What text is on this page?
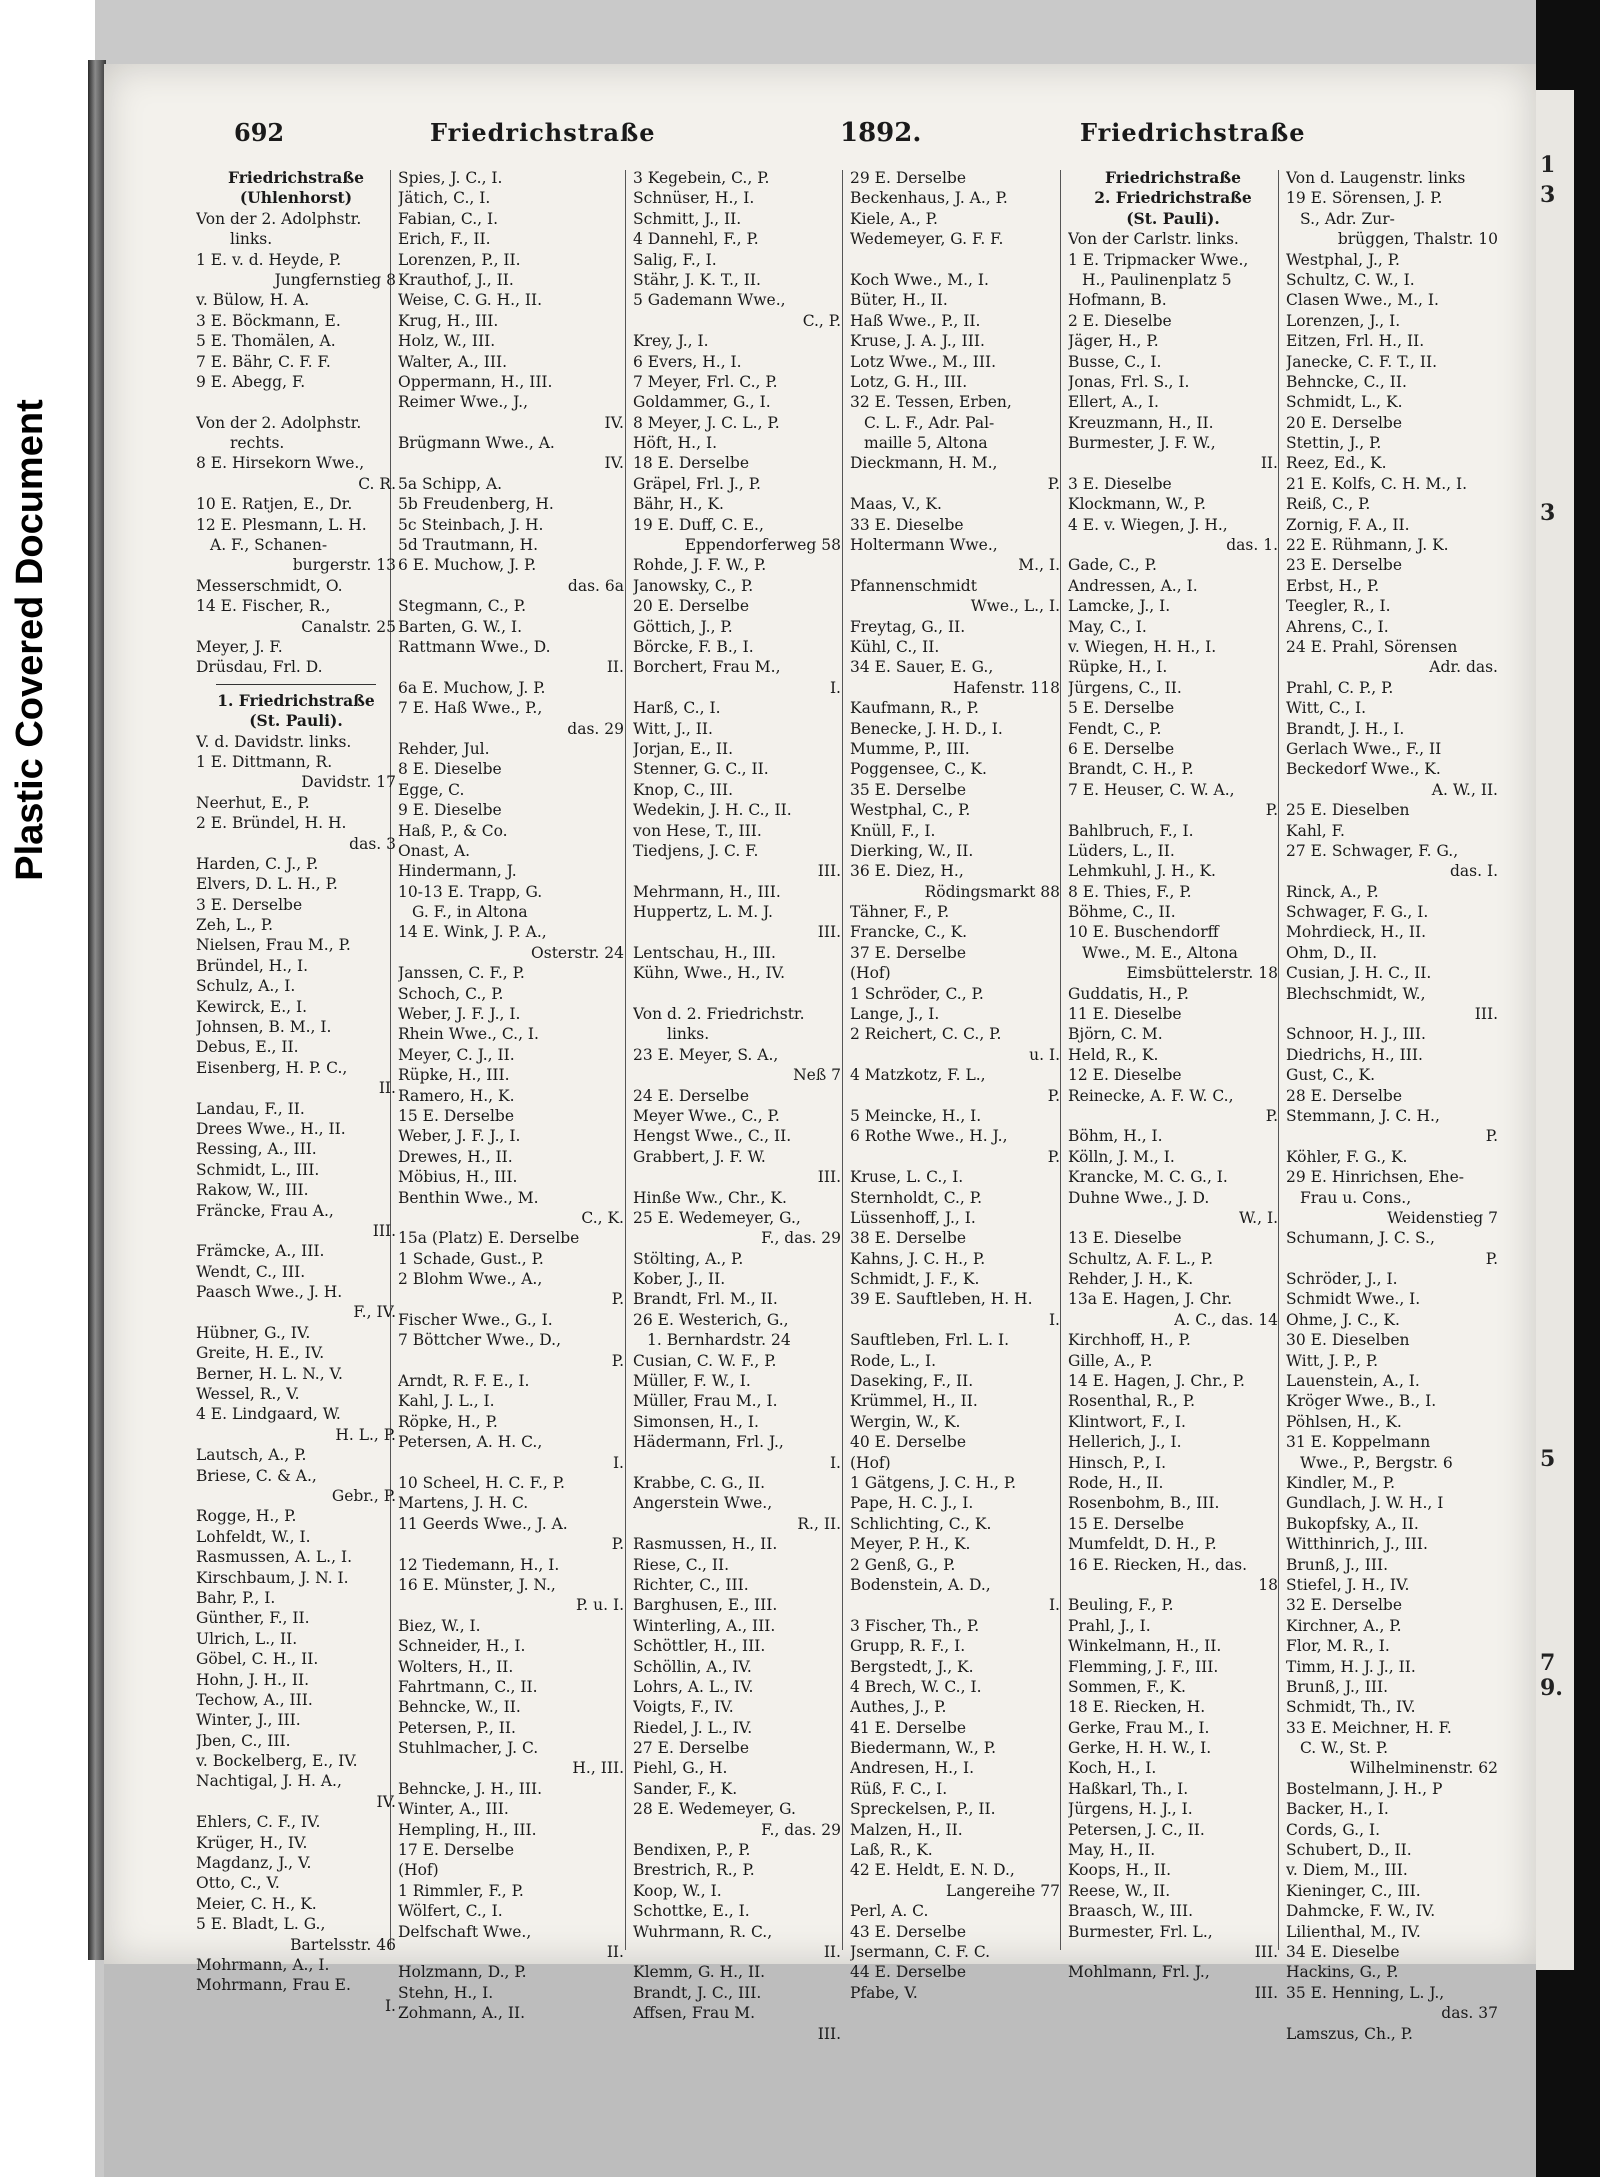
Plastic Covered Document
1
3
3
5
7
9.
692	Friedrichstraße	1892.	Friedrichstraße
Friedrichstraße
(Uhlenhorst)
Von der 2. Adolphstr.
links.
1 E. v. d. Heyde, P.
Jungfernstieg 8
v. Bülow, H. A.
3 E. Böckmann, E.
5 E. Thomälen, A.
7 E. Bähr, C. F. F.
9 E. Abegg, F.
Von der 2. Adolphstr.
rechts.
8 E. Hirsekorn Wwe.,
C. R.
10 E. Ratjen, E., Dr.
12 E. Plesmann, L. H.
A. F., Schanen-
burgerstr. 13
Messerschmidt, O.
14 E. Fischer, R.,
Canalstr. 25
Meyer, J. F.
Drüsdau, Frl. D.
1. Friedrichstraße
(St. Pauli).
V. d. Davidstr. links.
1 E. Dittmann, R.
Davidstr. 17
Neerhut, E., P.
2 E. Bründel, H. H.
das. 3
Harden, C. J., P.
Elvers, D. L. H., P.
3 E. Derselbe
Zeh, L., P.
Nielsen, Frau M., P.
Bründel, H., I.
Schulz, A., I.
Kewirck, E., I.
Johnsen, B. M., I.
Debus, E., II.
Eisenberg, H. P. C.,
II.
Landau, F., II.
Drees Wwe., H., II.
Ressing, A., III.
Schmidt, L., III.
Rakow, W., III.
Fräncke, Frau A.,
III.
Främcke, A., III.
Wendt, C., III.
Paasch Wwe., J. H.
F., IV.
Hübner, G., IV.
Greite, H. E., IV.
Berner, H. L. N., V.
Wessel, R., V.
4 E. Lindgaard, W.
H. L., P.
Lautsch, A., P.
Briese, C. & A.,
Gebr., P.
Rogge, H., P.
Lohfeldt, W., I.
Rasmussen, A. L., I.
Kirschbaum, J. N. I.
Bahr, P., I.
Günther, F., II.
Ulrich, L., II.
Göbel, C. H., II.
Hohn, J. H., II.
Techow, A., III.
Winter, J., III.
Jben, C., III.
v. Bockelberg, E., IV.
Nachtigal, J. H. A.,
IV.
Ehlers, C. F., IV.
Krüger, H., IV.
Magdanz, J., V.
Otto, C., V.
Meier, C. H., K.
5 E. Bladt, L. G.,
Bartelsstr. 46
Mohrmann, A., I.
Mohrmann, Frau E.
I.
Spies, J. C., I.
Jätich, C., I.
Fabian, C., I.
Erich, F., II.
Lorenzen, P., II.
Krauthof, J., II.
Weise, C. G. H., II.
Krug, H., III.
Holz, W., III.
Walter, A., III.
Oppermann, H., III.
Reimer Wwe., J.,
IV.
Brügmann Wwe., A.
IV.
5a Schipp, A.
5b Freudenberg, H.
5c Steinbach, J. H.
5d Trautmann, H.
6 E. Muchow, J. P.
das. 6a
Stegmann, C., P.
Barten, G. W., I.
Rattmann Wwe., D.
II.
6a E. Muchow, J. P.
7 E. Haß Wwe., P.,
das. 29
Rehder, Jul.
8 E. Dieselbe
Egge, C.
9 E. Dieselbe
Haß, P., & Co.
Onast, A.
Hindermann, J.
10-13 E. Trapp, G.
G. F., in Altona
14 E. Wink, J. P. A.,
Osterstr. 24
Janssen, C. F., P.
Schoch, C., P.
Weber, J. F. J., I.
Rhein Wwe., C., I.
Meyer, C. J., II.
Rüpke, H., III.
Ramero, H., K.
15 E. Derselbe
Weber, J. F. J., I.
Drewes, H., II.
Möbius, H., III.
Benthin Wwe., M.
C., K.
15a (Platz) E. Derselbe
1 Schade, Gust., P.
2 Blohm Wwe., A.,
P.
Fischer Wwe., G., I.
7 Böttcher Wwe., D.,
P.
Arndt, R. F. E., I.
Kahl, J. L., I.
Röpke, H., P.
Petersen, A. H. C.,
I.
10 Scheel, H. C. F., P.
Martens, J. H. C.
11 Geerds Wwe., J. A.
P.
12 Tiedemann, H., I.
16 E. Münster, J. N.,
P. u. I.
Biez, W., I.
Schneider, H., I.
Wolters, H., II.
Fahrtmann, C., II.
Behncke, W., II.
Petersen, P., II.
Stuhlmacher, J. C.
H., III.
Behncke, J. H., III.
Winter, A., III.
Hempling, H., III.
17 E. Derselbe
(Hof)
1 Rimmler, F., P.
Wölfert, C., I.
Delfschaft Wwe.,
II.
Holzmann, D., P.
Stehn, H., I.
Zohmann, A., II.
3 Kegebein, C., P.
Schnüser, H., I.
Schmitt, J., II.
4 Dannehl, F., P.
Salig, F., I.
Stähr, J. K. T., II.
5 Gademann Wwe.,
C., P.
Krey, J., I.
6 Evers, H., I.
7 Meyer, Frl. C., P.
Goldammer, G., I.
8 Meyer, J. C. L., P.
Höft, H., I.
18 E. Derselbe
Gräpel, Frl. J., P.
Bähr, H., K.
19 E. Duff, C. E.,
Eppendorferweg 58
Rohde, J. F. W., P.
Janowsky, C., P.
20 E. Derselbe
Göttich, J., P.
Börcke, F. B., I.
Borchert, Frau M.,
I.
Harß, C., I.
Witt, J., II.
Jorjan, E., II.
Stenner, G. C., II.
Knop, C., III.
Wedekin, J. H. C., II.
von Hese, T., III.
Tiedjens, J. C. F.
III.
Mehrmann, H., III.
Huppertz, L. M. J.
III.
Lentschau, H., III.
Kühn, Wwe., H., IV.
Von d. 2. Friedrichstr.
links.
23 E. Meyer, S. A.,
Neß 7
24 E. Derselbe
Meyer Wwe., C., P.
Hengst Wwe., C., II.
Grabbert, J. F. W.
III.
Hinße Ww., Chr., K.
25 E. Wedemeyer, G.,
F., das. 29
Stölting, A., P.
Kober, J., II.
Brandt, Frl. M., II.
26 E. Westerich, G.,
1. Bernhardstr. 24
Cusian, C. W. F., P.
Müller, F. W., I.
Müller, Frau M., I.
Simonsen, H., I.
Hädermann, Frl. J.,
I.
Krabbe, C. G., II.
Angerstein Wwe.,
R., II.
Rasmussen, H., II.
Riese, C., II.
Richter, C., III.
Barghusen, E., III.
Winterling, A., III.
Schöttler, H., III.
Schöllin, A., IV.
Lohrs, A. L., IV.
Voigts, F., IV.
Riedel, J. L., IV.
27 E. Derselbe
Piehl, G., H.
Sander, F., K.
28 E. Wedemeyer, G.
F., das. 29
Bendixen, P., P.
Brestrich, R., P.
Koop, W., I.
Schottke, E., I.
Wuhrmann, R. C.,
II.
Klemm, G. H., II.
Brandt, J. C., III.
Affsen, Frau M.
III.
29 E. Derselbe
Beckenhaus, J. A., P.
Kiele, A., P.
Wedemeyer, G. F. F.
Koch Wwe., M., I.
Büter, H., II.
Haß Wwe., P., II.
Kruse, J. A. J., III.
Lotz Wwe., M., III.
Lotz, G. H., III.
32 E. Tessen, Erben,
C. L. F., Adr. Pal-
maille 5, Altona
Dieckmann, H. M.,
P.
Maas, V., K.
33 E. Dieselbe
Holtermann Wwe.,
M., I.
Pfannenschmidt
Wwe., L., I.
Freytag, G., II.
Kühl, C., II.
34 E. Sauer, E. G.,
Hafenstr. 118
Kaufmann, R., P.
Benecke, J. H. D., I.
Mumme, P., III.
Poggensee, C., K.
35 E. Derselbe
Westphal, C., P.
Knüll, F., I.
Dierking, W., II.
36 E. Diez, H.,
Rödingsmarkt 88
Tähner, F., P.
Francke, C., K.
37 E. Derselbe
(Hof)
1 Schröder, C., P.
Lange, J., I.
2 Reichert, C. C., P.
u. I.
4 Matzkotz, F. L.,
P.
5 Meincke, H., I.
6 Rothe Wwe., H. J.,
P.
Kruse, L. C., I.
Sternholdt, C., P.
Lüssenhoff, J., I.
38 E. Derselbe
Kahns, J. C. H., P.
Schmidt, J. F., K.
39 E. Sauftleben, H. H.
I.
Sauftleben, Frl. L. I.
Rode, L., I.
Daseking, F., II.
Krümmel, H., II.
Wergin, W., K.
40 E. Derselbe
(Hof)
1 Gätgens, J. C. H., P.
Pape, H. C. J., I.
Schlichting, C., K.
Meyer, P. H., K.
2 Genß, G., P.
Bodenstein, A. D.,
I.
3 Fischer, Th., P.
Grupp, R. F., I.
Bergstedt, J., K.
4 Brech, W. C., I.
Authes, J., P.
41 E. Derselbe
Biedermann, W., P.
Andresen, H., I.
Rüß, F. C., I.
Spreckelsen, P., II.
Malzen, H., II.
Laß, R., K.
42 E. Heldt, E. N. D.,
Langereihe 77
Perl, A. C.
43 E. Derselbe
Jsermann, C. F. C.
44 E. Derselbe
Pfabe, V.
Friedrichstraße
2. Friedrichstraße
(St. Pauli).
Von der Carlstr. links.
1 E. Tripmacker Wwe.,
H., Paulinenplatz 5
Hofmann, B.
2 E. Dieselbe
Jäger, H., P.
Busse, C., I.
Jonas, Frl. S., I.
Ellert, A., I.
Kreuzmann, H., II.
Burmester, J. F. W.,
II.
3 E. Dieselbe
Klockmann, W., P.
4 E. v. Wiegen, J. H.,
das. 1.
Gade, C., P.
Andressen, A., I.
Lamcke, J., I.
May, C., I.
v. Wiegen, H. H., I.
Rüpke, H., I.
Jürgens, C., II.
5 E. Derselbe
Fendt, C., P.
6 E. Derselbe
Brandt, C. H., P.
7 E. Heuser, C. W. A.,
P.
Bahlbruch, F., I.
Lüders, L., II.
Lehmkuhl, J. H., K.
8 E. Thies, F., P.
Böhme, C., II.
10 E. Buschendorff
Wwe., M. E., Altona
Eimsbüttelerstr. 18
Guddatis, H., P.
11 E. Dieselbe
Björn, C. M.
Held, R., K.
12 E. Dieselbe
Reinecke, A. F. W. C.,
P.
Böhm, H., I.
Kölln, J. M., I.
Krancke, M. C. G., I.
Duhne Wwe., J. D.
W., I.
13 E. Dieselbe
Schultz, A. F. L., P.
Rehder, J. H., K.
13a E. Hagen, J. Chr.
A. C., das. 14
Kirchhoff, H., P.
Gille, A., P.
14 E. Hagen, J. Chr., P.
Rosenthal, R., P.
Klintwort, F., I.
Hellerich, J., I.
Hinsch, P., I.
Rode, H., II.
Rosenbohm, B., III.
15 E. Derselbe
Mumfeldt, D. H., P.
16 E. Riecken, H., das.
18
Beuling, F., P.
Prahl, J., I.
Winkelmann, H., II.
Flemming, J. F., III.
Sommen, F., K.
18 E. Riecken, H.
Gerke, Frau M., I.
Gerke, H. H. W., I.
Koch, H., I.
Haßkarl, Th., I.
Jürgens, H. J., I.
Petersen, J. C., II.
May, H., II.
Koops, H., II.
Reese, W., II.
Braasch, W., III.
Burmester, Frl. L.,
III.
Mohlmann, Frl. J.,
III.
Von d. Laugenstr. links
19 E. Sörensen, J. P.
S., Adr. Zur-
brüggen, Thalstr. 10
Westphal, J., P.
Schultz, C. W., I.
Clasen Wwe., M., I.
Lorenzen, J., I.
Eitzen, Frl. H., II.
Janecke, C. F. T., II.
Behncke, C., II.
Schmidt, L., K.
20 E. Derselbe
Stettin, J., P.
Reez, Ed., K.
21 E. Kolfs, C. H. M., I.
Reiß, C., P.
Zornig, F. A., II.
22 E. Rühmann, J. K.
23 E. Derselbe
Erbst, H., P.
Teegler, R., I.
Ahrens, C., I.
24 E. Prahl, Sörensen
Adr. das.
Prahl, C. P., P.
Witt, C., I.
Brandt, J. H., I.
Gerlach Wwe., F., II
Beckedorf Wwe., K.
A. W., II.
25 E. Dieselben
Kahl, F.
27 E. Schwager, F. G.,
das. I.
Rinck, A., P.
Schwager, F. G., I.
Mohrdieck, H., II.
Ohm, D., II.
Cusian, J. H. C., II.
Blechschmidt, W.,
III.
Schnoor, H. J., III.
Diedrichs, H., III.
Gust, C., K.
28 E. Derselbe
Stemmann, J. C. H.,
P.
Köhler, F. G., K.
29 E. Hinrichsen, Ehe-
Frau u. Cons.,
Weidenstieg 7
Schumann, J. C. S.,
P.
Schröder, J., I.
Schmidt Wwe., I.
Ohme, J. C., K.
30 E. Dieselben
Witt, J. P., P.
Lauenstein, A., I.
Kröger Wwe., B., I.
Pöhlsen, H., K.
31 E. Koppelmann
Wwe., P., Bergstr. 6
Kindler, M., P.
Gundlach, J. W. H., I
Bukopfsky, A., II.
Witthinrich, J., III.
Brunß, J., III.
Stiefel, J. H., IV.
32 E. Derselbe
Kirchner, A., P.
Flor, M. R., I.
Timm, H. J. J., II.
Brunß, J., III.
Schmidt, Th., IV.
33 E. Meichner, H. F.
C. W., St. P.
Wilhelminenstr. 62
Bostelmann, J. H., P
Backer, H., I.
Cords, G., I.
Schubert, D., II.
v. Diem, M., III.
Kieninger, C., III.
Dahmcke, F. W., IV.
Lilienthal, M., IV.
34 E. Dieselbe
Hackins, G., P.
35 E. Henning, L. J.,
das. 37
Lamszus, Ch., P.
